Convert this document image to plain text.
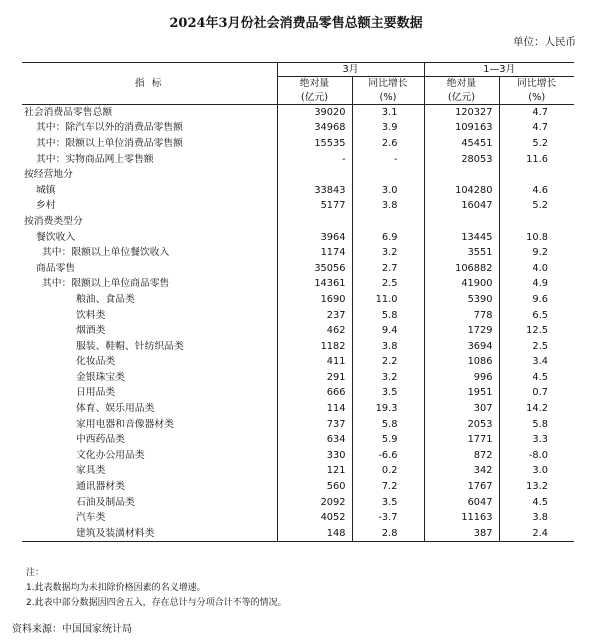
2024年3月份社会消费品零售总额主要数据
单位：人民币
指 标	3月		1—3月	
	绝对量	同比增长	绝对量	同比增长
	(亿元)	(%)	(亿元)	(%)
社会消费品零售总额	39020	3.1	120327	4.7
其中：除汽车以外的消费品零售额	34968	3.9	109163	4.7
其中：限额以上单位消费品零售额	15535	2.6	45451	5.2
其中：实物商品网上零售额	-	-	28053	11.6
按经营地分				
城镇	33843	3.0	104280	4.6
乡村	5177	3.8	16047	5.2
按消费类型分				
餐饮收入	3964	6.9	13445	10.8
其中：限额以上单位餐饮收入	1174	3.2	3551	9.2
商品零售	35056	2.7	106882	4.0
其中：限额以上单位商品零售	14361	2.5	41900	4.9
粮油、食品类	1690	11.0	5390	9.6
饮料类	237	5.8	778	6.5
烟酒类	462	9.4	1729	12.5
服装、鞋帽、针纺织品类	1182	3.8	3694	2.5
化妆品类	411	2.2	1086	3.4
金银珠宝类	291	3.2	996	4.5
日用品类	666	3.5	1951	0.7
体育、娱乐用品类	114	19.3	307	14.2
家用电器和音像器材类	737	5.8	2053	5.8
中西药品类	634	5.9	1771	3.3
文化办公用品类	330	-6.6	872	-8.0
家具类	121	0.2	342	3.0
通讯器材类	560	7.2	1767	13.2
石油及制品类	2092	3.5	6047	4.5
汽车类	4052	-3.7	11163	3.8
建筑及装潢材料类	148	2.8	387	2.4
注：
1.此表数据均为未扣除价格因素的名义增速。
2.此表中部分数据因四舍五入，存在总计与分项合计不等的情况。
资料来源：中国国家统计局
